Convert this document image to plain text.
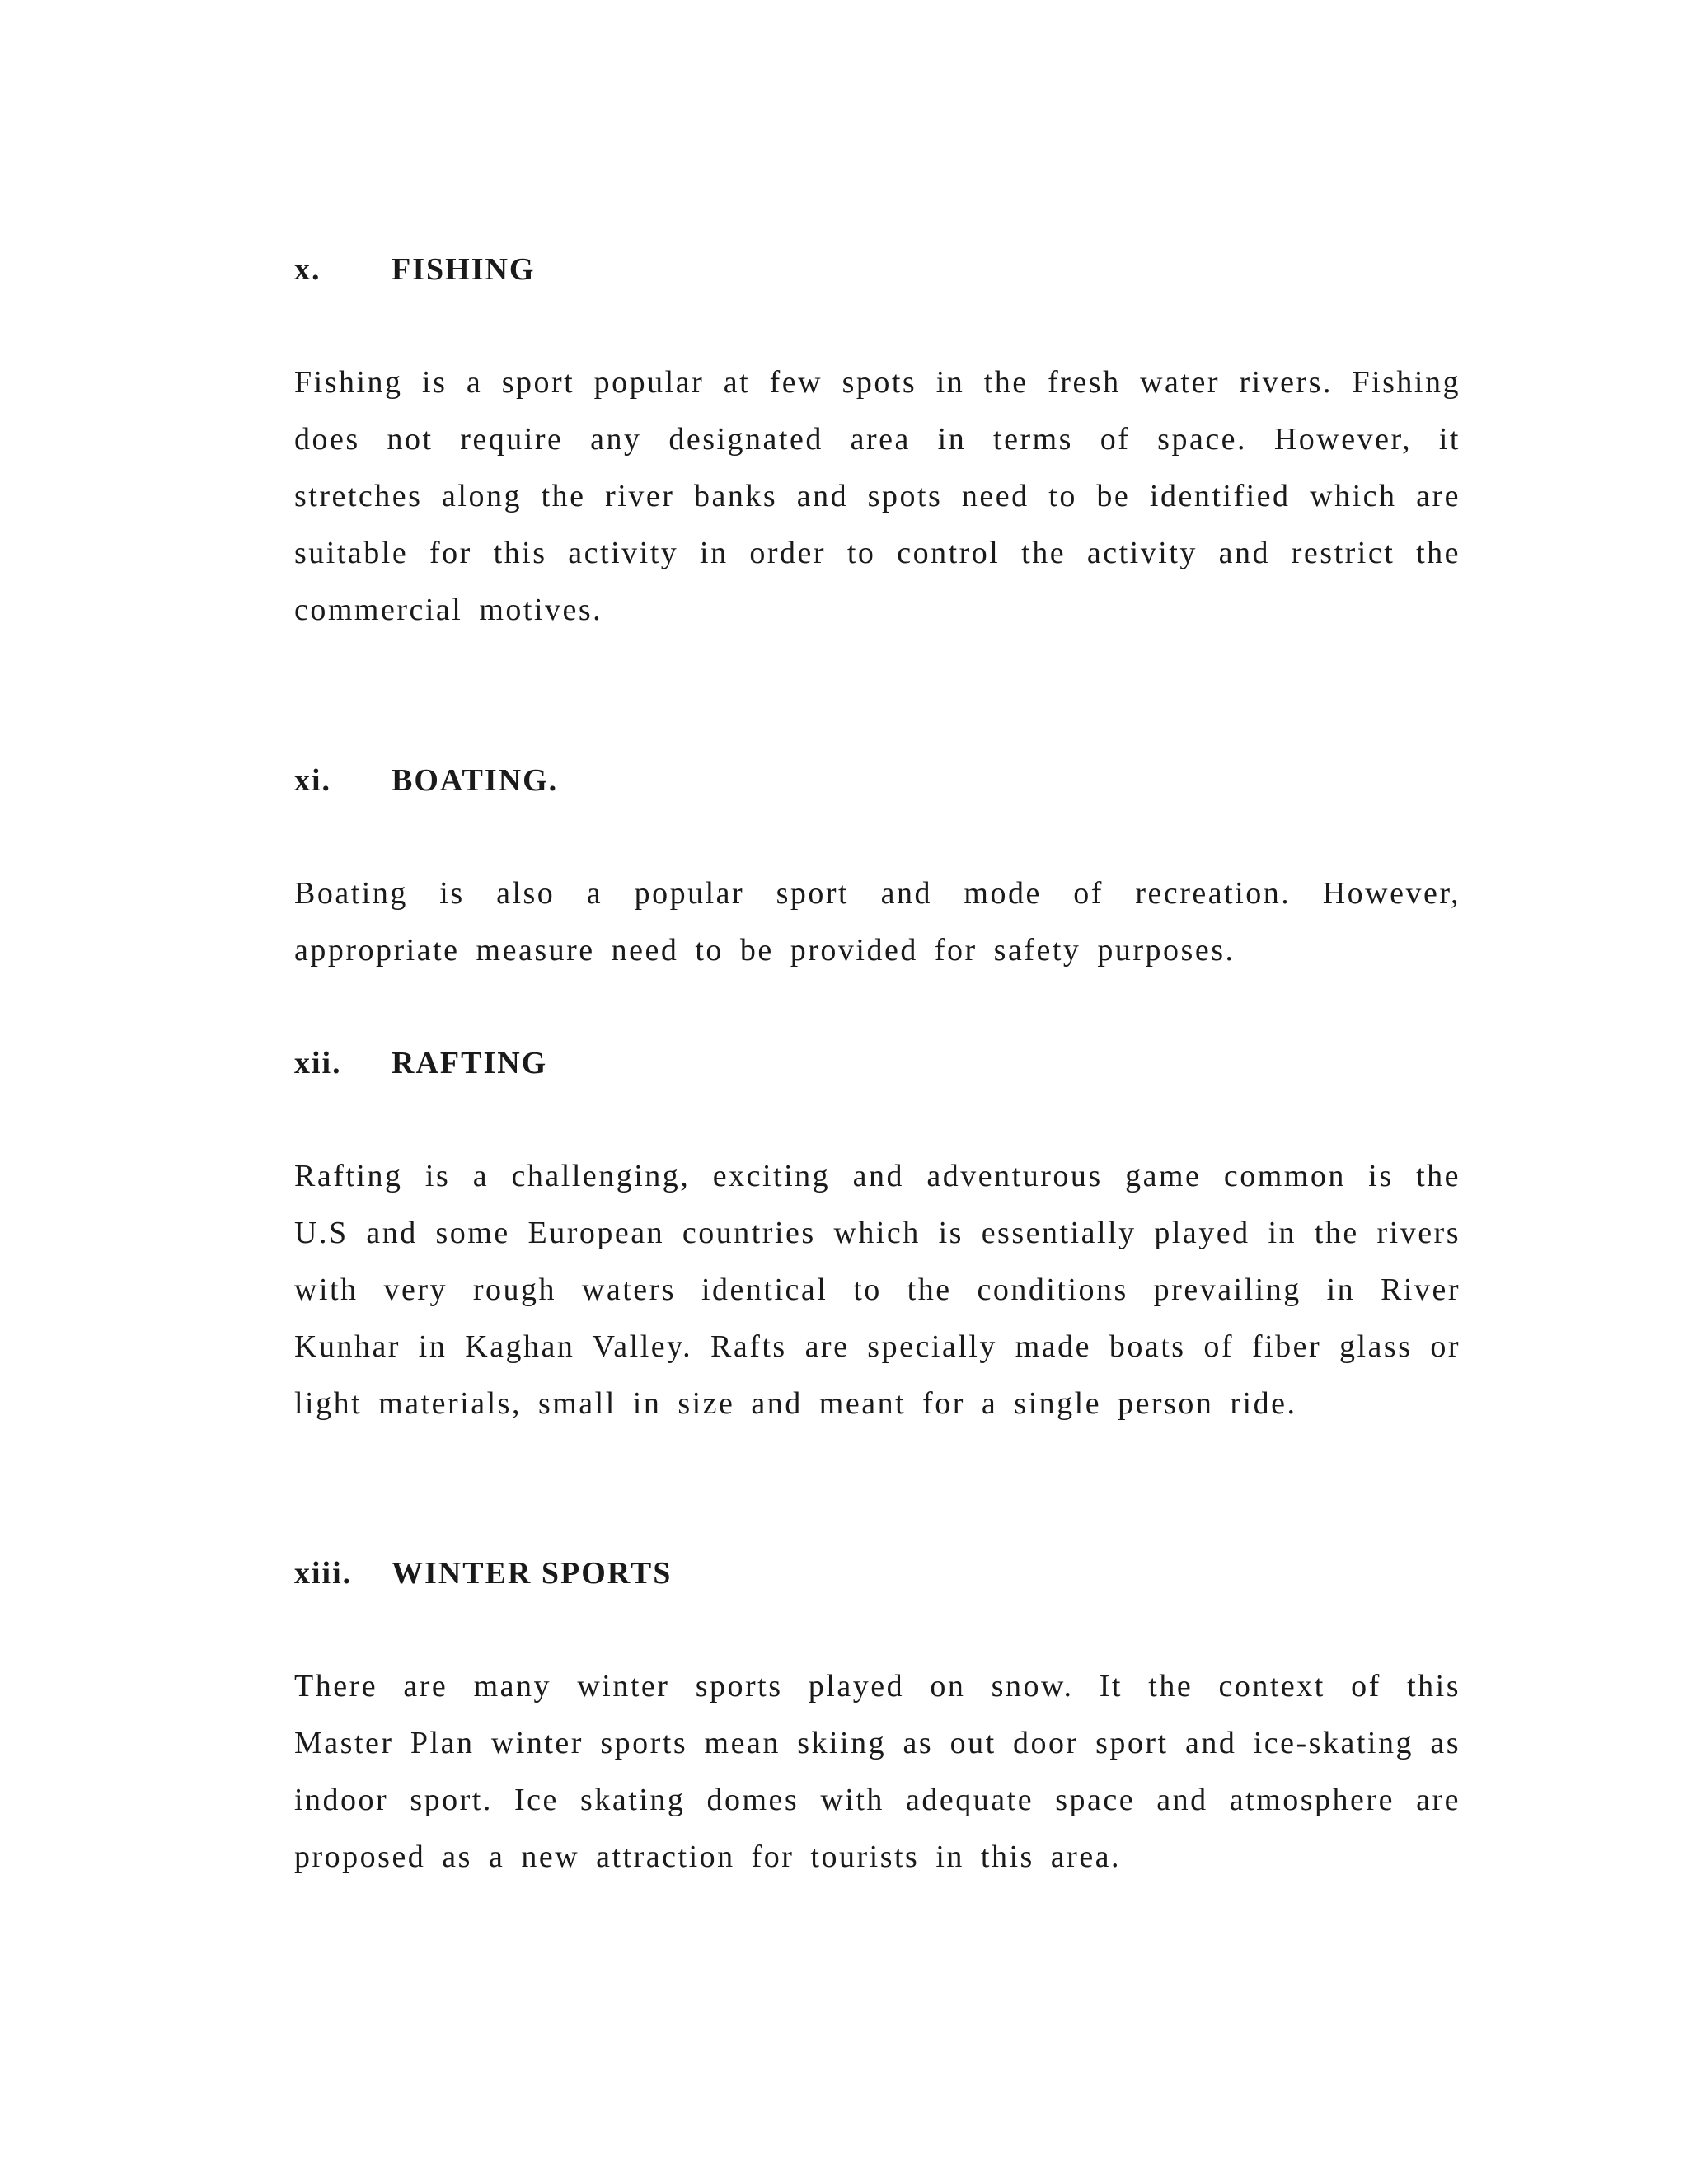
x. FISHING

Fishing is a sport popular at few spots in the fresh water rivers. Fishing does not require any designated area in terms of space. However, it stretches along the river banks and spots need to be identified which are suitable for this activity in order to control the activity and restrict the commercial motives.

xi. BOATING.

Boating is also a popular sport and mode of recreation. However, appropriate measure need to be provided for safety purposes.

xii. RAFTING

Rafting is a challenging, exciting and adventurous game common is the U.S and some European countries which is essentially played in the rivers with very rough waters identical to the conditions prevailing in River Kunhar in Kaghan Valley. Rafts are specially made boats of fiber glass or light materials, small in size and meant for a single person ride.

xiii. WINTER SPORTS

There are many winter sports played on snow. It the context of this Master Plan winter sports mean skiing as out door sport and ice-skating as indoor sport. Ice skating domes with adequate space and atmosphere are proposed as a new attraction for tourists in this area.
